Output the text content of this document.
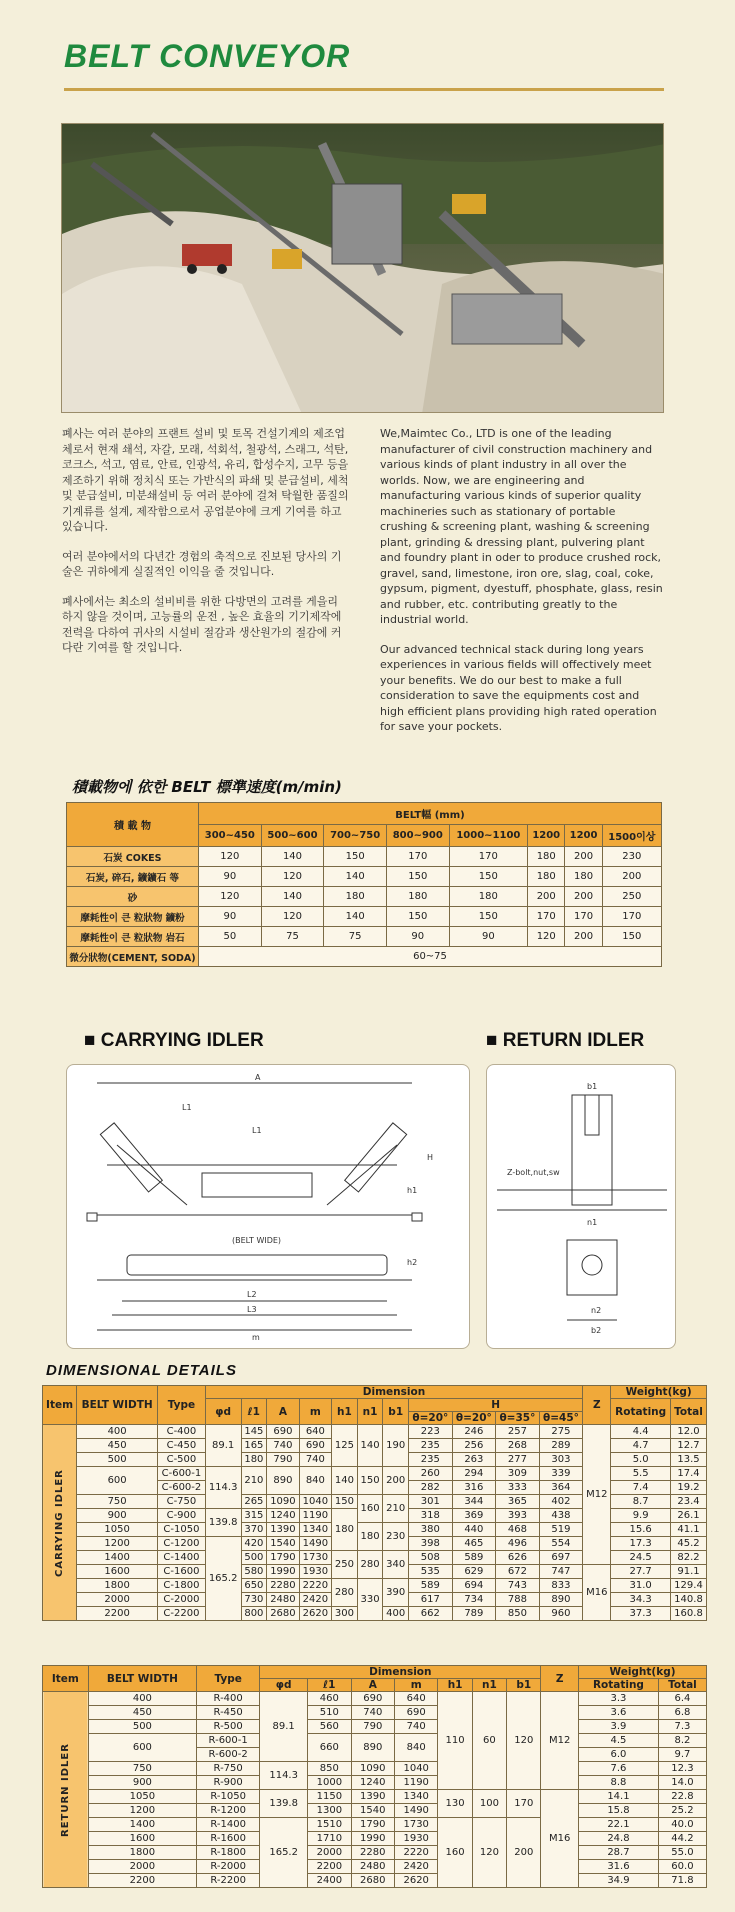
BELT CONVEYOR

폐사는 여러 분야의 프랜트 설비 및 토목 건설기계의 제조업체로서 현재 쇄석, 자갈, 모래, 석회석, 철광석, 스래그, 석탄, 코크스, 석고, 염료, 안료, 인광석, 유리, 합성수지, 고무 등을 제조하기 위해 정치식 또는 가반식의 파쇄 및 분급설비, 세척 및 분급설비, 미분쇄설비 등 여러 분야에 걸쳐 탁월한 품질의 기계류를 설계, 제작함으로서 공업분야에 크게 기여를 하고 있습니다.

여러 분야에서의 다년간 경험의 축적으로 진보된 당사의 기술은 귀하에게 실질적인 이익을 줄 것입니다.

폐사에서는 최소의 설비비를 위한 다방면의 고려를 게을리 하지 않을 것이며, 고능률의 운전 , 높은 효율의 기기제작에 전력을 다하여 귀사의 시설비 절감과 생산원가의 절감에 커다란 기여를 할 것입니다.

We,Maimtec Co., LTD is one of the leading manufacturer of civil construction machinery and various kinds of plant industry in all over the worlds. Now, we are engineering and manufacturing various kinds of superior quality machineries such as stationary of portable crushing & screening plant, washing & screening plant, grinding & dressing plant, pulvering plant and foundry plant in oder to produce crushed rock, gravel, sand, limestone, iron ore, slag, coal, coke, gypsum, pigment, dyestuff, phosphate, glass, resin and rubber, etc. contributing greatly to the industrial world.

Our advanced technical stack during long years experiences in various fields will offectively meet your benefits. We do our best to make a full consideration to save the equipments cost and high efficient plans providing high rated operation for save your pockets.

積載物에 依한 BELT 標準速度(m/min)
積 載 物	BELT幅 (mm)							
	300~450	500~600	700~750	800~900	1000~1100	1200	1200	1500이상
石炭 COKES	120	140	150	170	170	180	200	230
石炭, 碎石, 鑛鑛石 等	90	120	140	150	150	180	180	200
砂	120	140	180	180	180	200	200	250
摩耗性이 큰 粒狀物 鑛粉	90	120	140	150	150	170	170	170
摩耗性이 큰 粒狀物 岩石	50	75	75	90	90	120	200	150
微分狀物(CEMENT, SODA)	60~75							
■ CARRYING IDLER	■ RETURN IDLER
A
L1
L1
H
h1
h2
(BELT WIDE)
L2
L3
m
b1
Z-bolt,nut,sw
n1
n2
b2
DIMENSIONAL DETAILS
Item	BELT WIDTH	Type	Dimension											Z	Weight(kg)	
			φd	ℓ1	A	m	h1	n1	b1	H					Rotating	Total
										θ=20°	θ=20°	θ=35°	θ=45°			
CARRYING IDLER	400	C-400	89.1	145	690	640	125	140	190	223	246	257	275	M12	4.4	12.0
	450	C-450		165	740	690				235	256	268	289		4.7	12.7
	500	C-500		180	790	740				235	263	277	303		5.0	13.5
	600	C-600-1	114.3	210	890	840	140	150	200	260	294	309	339		5.5	17.4
		C-600-2								282	316	333	364		7.4	19.2
	750	C-750		265	1090	1040	150	160	210	301	344	365	402		8.7	23.4
	900	C-900	139.8	315	1240	1190	180			318	369	393	438		9.9	26.1
	1050	C-1050		370	1390	1340		180	230	380	440	468	519		15.6	41.1
	1200	C-1200	165.2	420	1540	1490				398	465	496	554		17.3	45.2
	1400	C-1400		500	1790	1730	250	280	340	508	589	626	697		24.5	82.2
	1600	C-1600		580	1990	1930				535	629	672	747	M16	27.7	91.1
	1800	C-1800		650	2280	2220	280	330	390	589	694	743	833		31.0	129.4
	2000	C-2000		730	2480	2420				617	734	788	890		34.3	140.8
	2200	C-2200		800	2680	2620	300		400	662	789	850	960		37.3	160.8
Item	BELT WIDTH	Type	Dimension							Z	Weight(kg)	
			φd	ℓ1	A	m	h1	n1	b1		Rotating	Total
RETURN IDLER	400	R-400	89.1	460	690	640	110	60	120	M12	3.3	6.4
	450	R-450		510	740	690					3.6	6.8
	500	R-500		560	790	740					3.9	7.3
	600	R-600-1		660	890	840					4.5	8.2
		R-600-2									6.0	9.7
	750	R-750	114.3	850	1090	1040					7.6	12.3
	900	R-900		1000	1240	1190					8.8	14.0
	1050	R-1050	139.8	1150	1390	1340	130	100	170	M16	14.1	22.8
	1200	R-1200		1300	1540	1490					15.8	25.2
	1400	R-1400	165.2	1510	1790	1730	160	120	200		22.1	40.0
	1600	R-1600		1710	1990	1930					24.8	44.2
	1800	R-1800		2000	2280	2220					28.7	55.0
	2000	R-2000		2200	2480	2420					31.6	60.0
	2200	R-2200		2400	2680	2620					34.9	71.8
